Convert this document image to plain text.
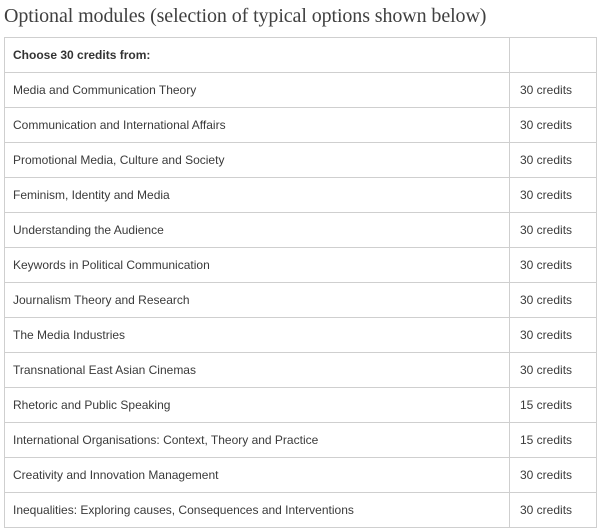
Optional modules (selection of typical options shown below)
Choose 30 credits from:	
Media and Communication Theory	30 credits
Communication and International Affairs	30 credits
Promotional Media, Culture and Society	30 credits
Feminism, Identity and Media	30 credits
Understanding the Audience	30 credits
Keywords in Political Communication	30 credits
Journalism Theory and Research	30 credits
The Media Industries	30 credits
Transnational East Asian Cinemas	30 credits
Rhetoric and Public Speaking	15 credits
International Organisations: Context, Theory and Practice	15 credits
Creativity and Innovation Management	30 credits
Inequalities: Exploring causes, Consequences and Interventions	30 credits
